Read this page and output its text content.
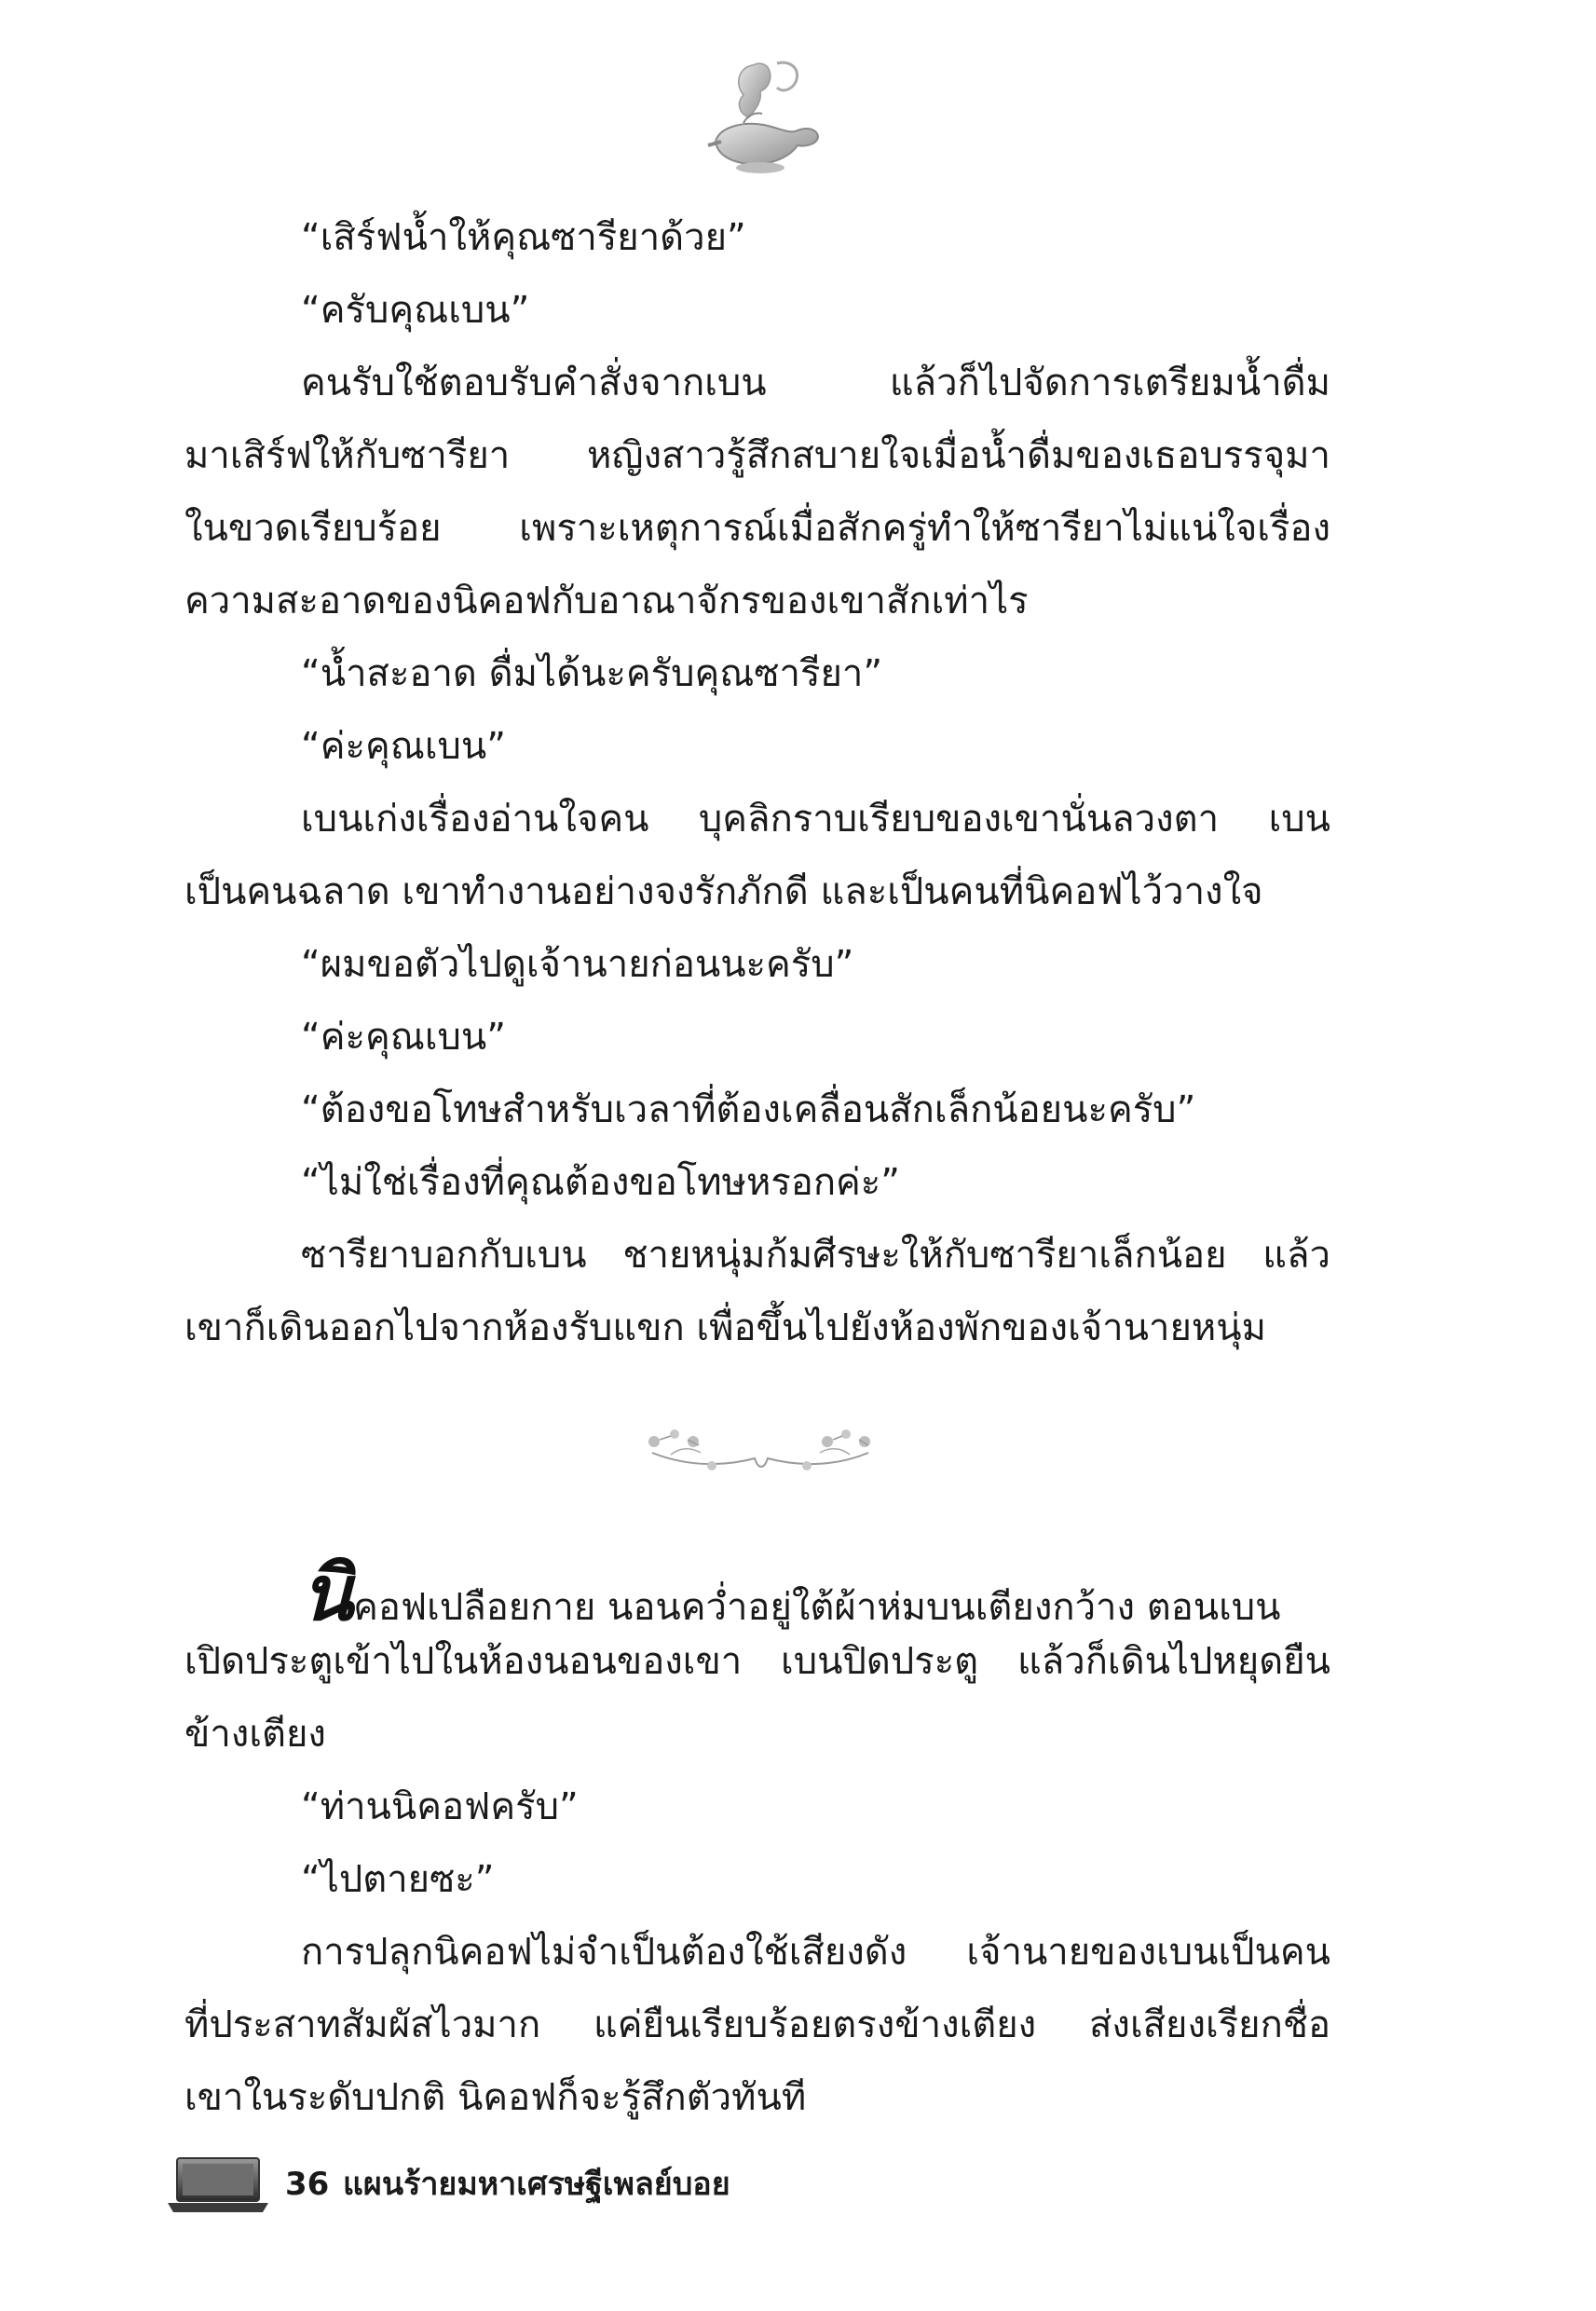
“เสิร์ฟน้ำให้คุณซารียาด้วย”
“ครับคุณเบน”
คนรับใช้ตอบรับคำสั่งจากเบน แล้วก็ไปจัดการเตรียมน้ำดื่ม
มาเสิร์ฟให้กับซารียา หญิงสาวรู้สึกสบายใจเมื่อน้ำดื่มของเธอบรรจุมา
ในขวดเรียบร้อย เพราะเหตุการณ์เมื่อสักครู่ทำให้ซารียาไม่แน่ใจเรื่อง
ความสะอาดของนิคอฟกับอาณาจักรของเขาสักเท่าไร
“น้ำสะอาด ดื่มได้นะครับคุณซารียา”
“ค่ะคุณเบน”
เบนเก่งเรื่องอ่านใจคน บุคลิกราบเรียบของเขานั่นลวงตา เบน
เป็นคนฉลาด เขาทำงานอย่างจงรักภักดี และเป็นคนที่นิคอฟไว้วางใจ
“ผมขอตัวไปดูเจ้านายก่อนนะครับ”
“ค่ะคุณเบน”
“ต้องขอโทษสำหรับเวลาที่ต้องเคลื่อนสักเล็กน้อยนะครับ”
“ไม่ใช่เรื่องที่คุณต้องขอโทษหรอกค่ะ”
ซารียาบอกกับเบน ชายหนุ่มก้มศีรษะให้กับซารียาเล็กน้อย แล้ว
เขาก็เดินออกไปจากห้องรับแขก เพื่อขึ้นไปยังห้องพักของเจ้านายหนุ่ม
นิคอฟเปลือยกาย นอนคว่ำอยู่ใต้ผ้าห่มบนเตียงกว้าง ตอนเบน
เปิดประตูเข้าไปในห้องนอนของเขา เบนปิดประตู แล้วก็เดินไปหยุดยืน
ข้างเตียง
“ท่านนิคอฟครับ”
“ไปตายซะ”
การปลุกนิคอฟไม่จำเป็นต้องใช้เสียงดัง เจ้านายของเบนเป็นคน
ที่ประสาทสัมผัสไวมาก แค่ยืนเรียบร้อยตรงข้างเตียง ส่งเสียงเรียกชื่อ
เขาในระดับปกติ นิคอฟก็จะรู้สึกตัวทันที
36 แผนร้ายมหาเศรษฐีเพลย์บอย
